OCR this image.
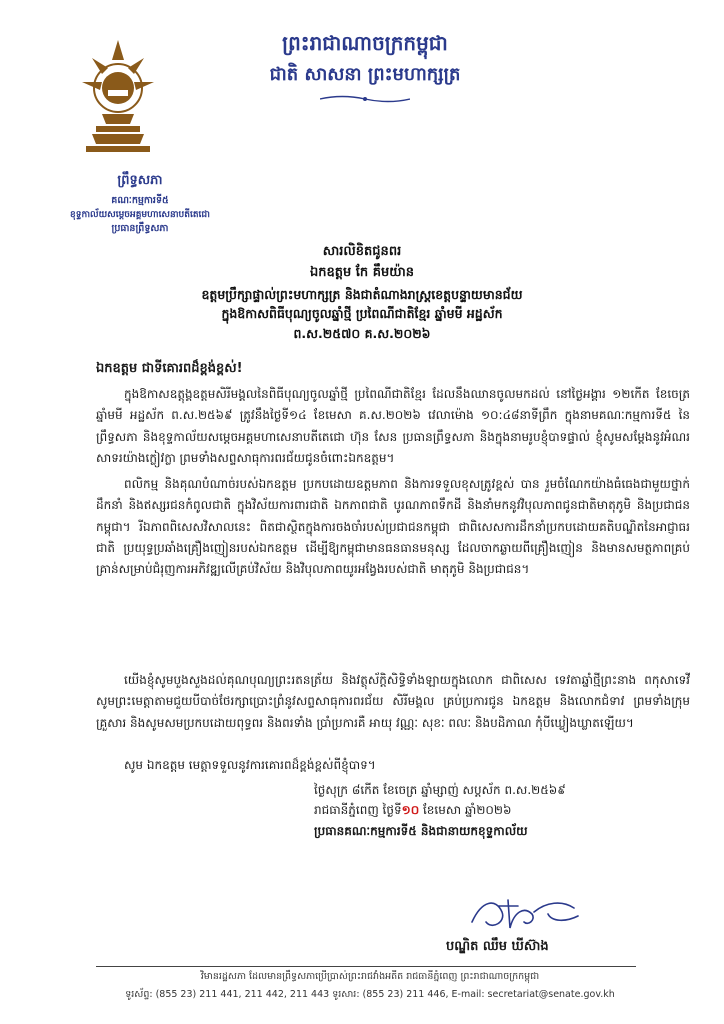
ព្រះរាជាណាចក្រកម្ពុជា
ជាតិ សាសនា ព្រះមហាក្សត្រ
ព្រឹទ្ធសភា
គណៈកម្មការទី៥
ខុទ្ទកាល័យសម្តេចអគ្គមហាសេនាបតីតេជោ
ប្រធានព្រឹទ្ធសភា
សារលិខិតជូនពរ
ឯកឧត្តម កែ គឹមយ៉ាន
ឧត្តមប្រឹក្សាផ្ទាល់ព្រះមហាក្សត្រ និងជាតំណាងរាស្ត្រខេត្តបន្ទាយមានជ័យ
ក្នុងឱកាសពិធីបុណ្យចូលឆ្នាំថ្មី ប្រពៃណីជាតិខ្មែរ ឆ្នាំមមី អដ្ឋស័ក
ព.ស.២៥៧០ គ.ស.២០២៦
ឯកឧត្តម ជាទីគោរពដ៏ខ្ពង់ខ្ពស់!
ក្នុងឱកាសឧត្តុង្គឧត្តមសិរីមង្គលនៃពិធីបុណ្យចូលឆ្នាំថ្មី ប្រពៃណីជាតិខ្មែរ ដែលនឹងឈានចូលមកដល់ នៅថ្ងៃអង្គារ ១២កើត ខែចេត្រ ឆ្នាំមមី អដ្ឋស័ក ព.ស.២៥៦៩ ត្រូវនឹងថ្ងៃទី១៤ ខែមេសា គ.ស.២០២៦ វេលាម៉ោង ១០:៤៨នាទីព្រឹក ក្នុងនាមគណៈកម្មការទី៥ នៃព្រឹទ្ធសភា និងខុទ្ទកាល័យសម្តេចអគ្គមហាសេនាបតីតេជោ ហ៊ុន សែន ប្រធានព្រឹទ្ធសភា និងក្នុងនាមរូបខ្ញុំបាទផ្ទាល់ ខ្ញុំសូមសម្តែងនូវអំណរសាទរយ៉ាងក្លៀវក្លា ព្រមទាំងសព្ទសាធុការពរជ័យជូនចំពោះឯកឧត្តម។
ពលិកម្ម និងគុណបំណាច់របស់ឯកឧត្តម ប្រកបដោយឧត្តមភាព និងការទទួលខុសត្រូវខ្ពស់ បាន រួមចំណែកយ៉ាងធំធេងជាមួយថ្នាក់ដឹកនាំ និងឥស្សរជនកំពូលជាតិ ក្នុងវិស័យការពារជាតិ ឯកភាពជាតិ បូរណភាពទឹកដី និងនាំមកនូវវិបុលភាពជូនជាតិមាតុភូមិ និងប្រជាជនកម្ពុជា។ រីឯភាពពិសេសវិសាលនេះ ពិតជាស្ថិតក្នុងការចងចាំរបស់ប្រជាជនកម្ពុជា ជាពិសេសការដឹកនាំប្រកបដោយគតិបណ្ឌិតនៃអាជ្ញាធរជាតិ ប្រយុទ្ធប្រឆាំងគ្រឿងញៀនរបស់ឯកឧត្តម ដើម្បីឱ្យកម្ពុជាមានធនធានមនុស្ស ដែលចាកឆ្ងាយពីគ្រឿងញៀន និងមានសមត្ថភាពគ្រប់គ្រាន់សម្រាប់ជំរុញការអភិវឌ្ឍលើគ្រប់វិស័យ និងវិបុលភាពយូរអង្វែងរបស់ជាតិ មាតុភូមិ និងប្រជាជន។
យើងខ្ញុំសូមបួងសួងដល់គុណបុណ្យព្រះរតនត្រ័យ និងវត្ថុស័ក្តិសិទ្ធិទាំងឡាយក្នុងលោក ជាពិសេស ទេវតាឆ្នាំថ្មីព្រះនាង ពកុសាទេវី សូមព្រះមេត្តាតាមជួយបីបាច់ថែរក្សាប្រោះព្រំនូវសព្ទសាធុការពរជ័យ សិរីមង្គល គ្រប់ប្រការជូន ឯកឧត្តម និងលោកជំទាវ ព្រមទាំងក្រុមគ្រួសារ និងសូមសមប្រកបដោយពុទ្ធពរ និងពរទាំង ប្រាំប្រការគឺ អាយុ វណ្ណៈ សុខៈ ពលៈ និងបដិភាណ កុំបីឃ្លៀងឃ្លាតឡើយ។
សូម ឯកឧត្តម មេត្តាទទួលនូវការគោរពដ៏ខ្ពង់ខ្ពស់ពីខ្ញុំបាទ។
ថ្ងៃសុក្រ ៨កើត ខែចេត្រ ឆ្នាំម្សាញ់ សប្តស័ក ព.ស.២៥៦៩
រាជធានីភ្នំពេញ ថ្ងៃទី១០ ខែមេសា ឆ្នាំ២០២៦
ប្រធានគណៈកម្មការទី៥ និងជានាយកខុទ្ទកាល័យ
បណ្ឌិត ឈឹម ឃីស៊ាង
វិមានរដ្ឋសភា ដែលមានព្រឹទ្ធសភាប្រើប្រាស់ព្រះរាជវាំងអតីត រាជធានីភ្នំពេញ ព្រះរាជាណាចក្រកម្ពុជា
ទូរស័ព្ទ: (855 23) 211 441, 211 442, 211 443 ទូរសារ: (855 23) 211 446, E-mail: secretariat@senate.gov.kh
